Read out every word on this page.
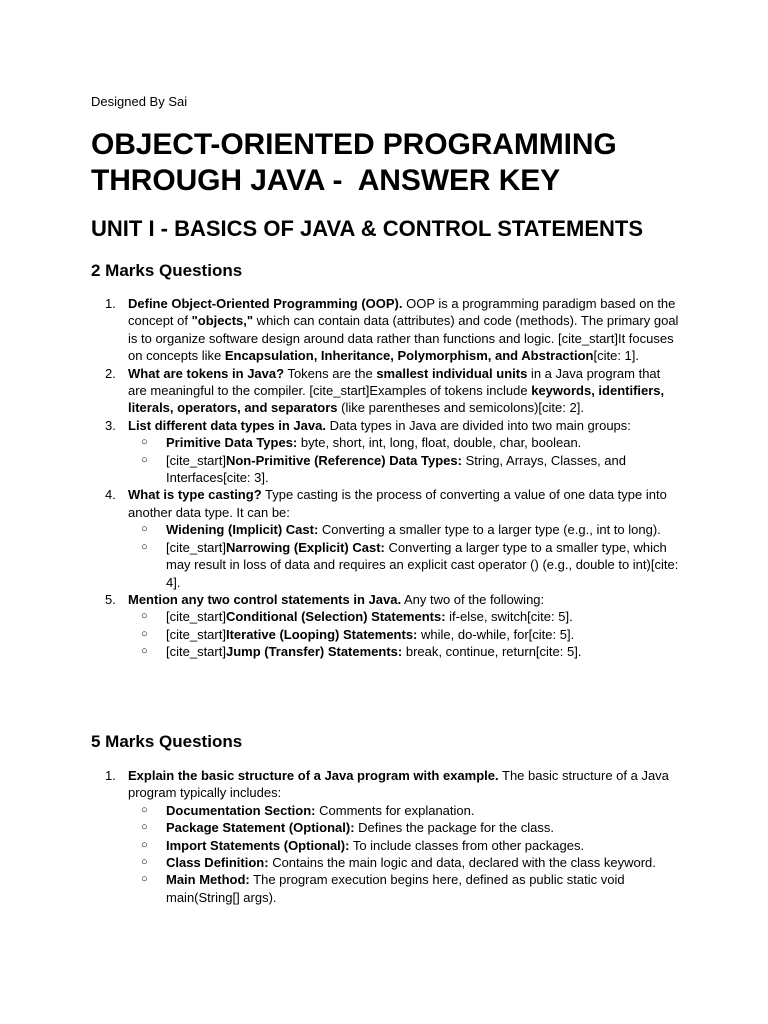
Designed By Sai
OBJECT-ORIENTED PROGRAMMING
THROUGH JAVA -  ANSWER KEY
UNIT I - BASICS OF JAVA & CONTROL STATEMENTS
2 Marks Questions
1. Define Object-Oriented Programming (OOP). OOP is a programming paradigm based on the concept of "objects," which can contain data (attributes) and code (methods). The primary goal is to organize software design around data rather than functions and logic. [cite_start]It focuses on concepts like Encapsulation, Inheritance, Polymorphism, and Abstraction[cite: 1].
2. What are tokens in Java? Tokens are the smallest individual units in a Java program that are meaningful to the compiler. [cite_start]Examples of tokens include keywords, identifiers, literals, operators, and separators (like parentheses and semicolons)[cite: 2].
3. List different data types in Java. Data types in Java are divided into two main groups:
○ Primitive Data Types: byte, short, int, long, float, double, char, boolean.
○ [cite_start]Non-Primitive (Reference) Data Types: String, Arrays, Classes, and Interfaces[cite: 3].
4. What is type casting? Type casting is the process of converting a value of one data type into another data type. It can be:
○ Widening (Implicit) Cast: Converting a smaller type to a larger type (e.g., int to long).
○ [cite_start]Narrowing (Explicit) Cast: Converting a larger type to a smaller type, which may result in loss of data and requires an explicit cast operator () (e.g., double to int)[cite: 4].
5. Mention any two control statements in Java. Any two of the following:
○ [cite_start]Conditional (Selection) Statements: if-else, switch[cite: 5].
○ [cite_start]Iterative (Looping) Statements: while, do-while, for[cite: 5].
○ [cite_start]Jump (Transfer) Statements: break, continue, return[cite: 5].
5 Marks Questions
1. Explain the basic structure of a Java program with example. The basic structure of a Java program typically includes:
○ Documentation Section: Comments for explanation.
○ Package Statement (Optional): Defines the package for the class.
○ Import Statements (Optional): To include classes from other packages.
○ Class Definition: Contains the main logic and data, declared with the class keyword.
○ Main Method: The program execution begins here, defined as public static void main(String[] args).
